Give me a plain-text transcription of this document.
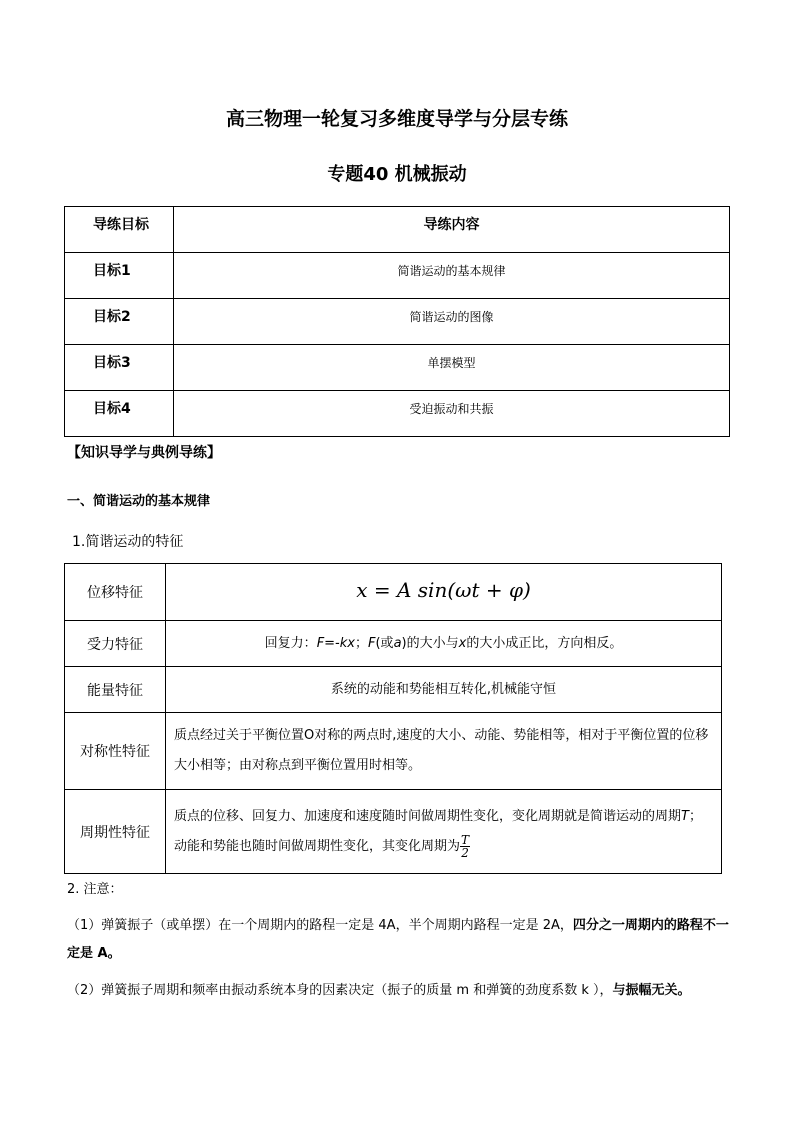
高三物理一轮复习多维度导学与分层专练
专题40 机械振动
导练目标	导练内容
目标1	简谐运动的基本规律
目标2	简谐运动的图像
目标3	单摆模型
目标4	受迫振动和共振
【知识导学与典例导练】
一、简谐运动的基本规律
1.简谐运动的特征
位移特征	x = A sin(ωt + φ)
受力特征	回复力：F=-kx；F(或a)的大小与x的大小成正比，方向相反。
能量特征	系统的动能和势能相互转化,机械能守恒
对称性特征	质点经过关于平衡位置O对称的两点时,速度的大小、动能、势能相等，相对于平衡位置的位移大小相等；由对称点到平衡位置用时相等。
周期性特征	质点的位移、回复力、加速度和速度随时间做周期性变化，变化周期就是简谐运动的周期T；动能和势能也随时间做周期性变化，其变化周期为 $\frac{T}{2}$
2. 注意：
（1）弹簧振子（或单摆）在一个周期内的路程一定是 4A，半个周期内路程一定是 2A，四分之一周期内的路程不一定是 A。
（2）弹簧振子周期和频率由振动系统本身的因素决定（振子的质量 m 和弹簧的劲度系数 k ），与振幅无关。
